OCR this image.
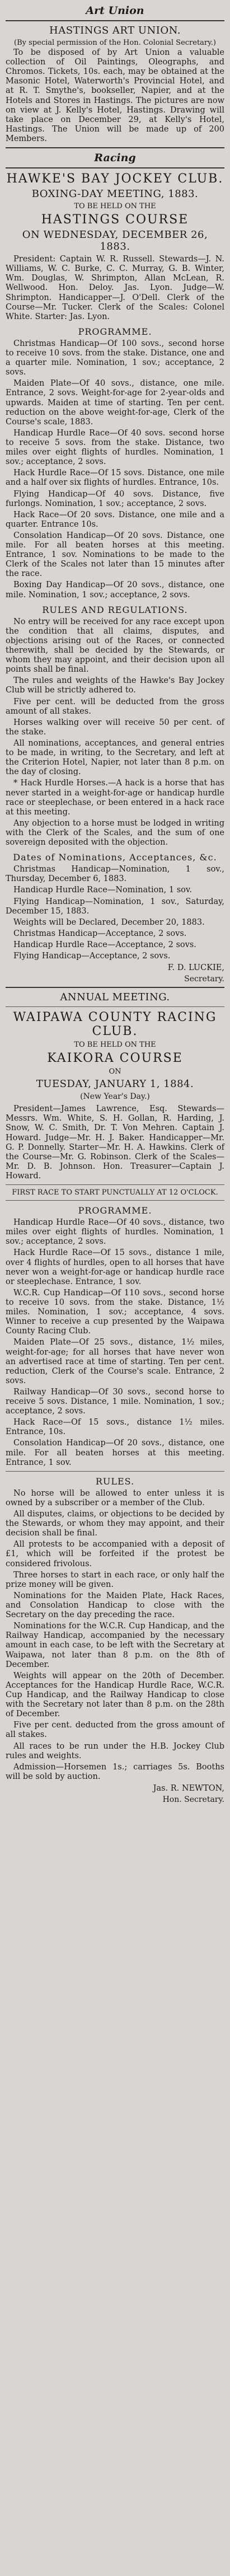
Art Union
HASTINGS ART UNION.
(By special permission of the Hon. Colonial Secretary.)

To be disposed of by Art Union a valuable collection of Oil Paintings, Oleographs, and Chromos. Tickets, 10s. each, may be obtained at the Masonic Hotel, Waterworth's Provincial Hotel, and at R. T. Smythe's, bookseller, Napier, and at the Hotels and Stores in Hastings. The pictures are now on view at J. Kelly's Hotel, Hastings. Drawing will take place on December 29, at Kelly's Hotel, Hastings. The Union will be made up of 200 Members.

Racing
HAWKE'S BAY JOCKEY CLUB.
BOXING-DAY MEETING, 1883.
TO BE HELD ON THE
HASTINGS COURSE
ON WEDNESDAY, DECEMBER 26, 1883.

President: Captain W. R. Russell. Stewards—J. N. Williams, W. C. Burke, C. C. Murray, G. B. Winter, Wm. Douglas, W. Shrimpton, Allan McLean, R. Wellwood. Hon. Deloy. Jas. Lyon. Judge—W. Shrimpton. Handicapper—J. O'Dell. Clerk of the Course—Mr. Tucker. Clerk of the Scales: Colonel White. Starter: Jas. Lyon.

PROGRAMME.

Christmas Handicap—Of 100 sovs., second horse to receive 10 sovs. from the stake. Distance, one and a quarter mile. Nomination, 1 sov.; acceptance, 2 sovs.

Maiden Plate—Of 40 sovs., distance, one mile. Entrance, 2 sovs. Weight-for-age for 2-year-olds and upwards. Maiden at time of starting. Ten per cent. reduction on the above weight-for-age, Clerk of the Course's scale, 1883.

Handicap Hurdle Race—Of 40 sovs. second horse to receive 5 sovs. from the stake. Distance, two miles over eight flights of hurdles. Nomination, 1 sov.; acceptance, 2 sovs.

Hack Hurdle Race—Of 15 sovs. Distance, one mile and a half over six flights of hurdles. Entrance, 10s.

Flying Handicap—Of 40 sovs. Distance, five furlongs. Nomination, 1 sov.; acceptance, 2 sovs.

Hack Race—Of 20 sovs. Distance, one mile and a quarter. Entrance 10s.

Consolation Handicap—Of 20 sovs. Distance, one mile. For all beaten horses at this meeting. Entrance, 1 sov. Nominations to be made to the Clerk of the Scales not later than 15 minutes after the race.

Boxing Day Handicap—Of 20 sovs., distance, one mile. Nomination, 1 sov.; acceptance, 2 sovs.

RULES AND REGULATIONS.

No entry will be received for any race except upon the condition that all claims, disputes, and objections arising out of the Races, or connected therewith, shall be decided by the Stewards, or whom they may appoint, and their decision upon all points shall be final.

The rules and weights of the Hawke's Bay Jockey Club will be strictly adhered to.

Five per cent. will be deducted from the gross amount of all stakes.

Horses walking over will receive 50 per cent. of the stake.

All nominations, acceptances, and general entries to be made, in writing, to the Secretary, and left at the Criterion Hotel, Napier, not later than 8 p.m. on the day of closing.

* Hack Hurdle Horses.—A hack is a horse that has never started in a weight-for-age or handicap hurdle race or steeplechase, or been entered in a hack race at this meeting.

Any objection to a horse must be lodged in writing with the Clerk of the Scales, and the sum of one sovereign deposited with the objection.

Dates of Nominations, Acceptances, &c.

Christmas Handicap—Nomination, 1 sov., Thursday, December 6, 1883.

Handicap Hurdle Race—Nomination, 1 sov.

Flying Handicap—Nomination, 1 sov., Saturday, December 15, 1883.

Weights will be Declared, December 20, 1883.

Christmas Handicap—Acceptance, 2 sovs.

Handicap Hurdle Race—Acceptance, 2 sovs.

Flying Handicap—Acceptance, 2 sovs.

F. D. LUCKIE,
Secretary.
ANNUAL MEETING.
WAIPAWA COUNTY RACING CLUB.
TO BE HELD ON THE
KAIKORA COURSE
ON
TUESDAY, JANUARY 1, 1884.
(New Year's Day.)

President—James Lawrence, Esq. Stewards—Messrs. Wm. White, S. H. Gollan, R. Harding, J. Snow, W. C. Smith, Dr. T. Von Mehren. Captain J. Howard. Judge—Mr. H. J. Baker. Handicapper—Mr. G. P. Donnelly. Starter—Mr. H. A. Hawkins. Clerk of the Course—Mr. G. Robinson. Clerk of the Scales—Mr. D. B. Johnson. Hon. Treasurer—Captain J. Howard.

FIRST RACE TO START PUNCTUALLY AT 12 O'CLOCK.
PROGRAMME.

Handicap Hurdle Race—Of 40 sovs., distance, two miles over eight flights of hurdles. Nomination, 1 sov.; acceptance, 2 sovs.

Hack Hurdle Race—Of 15 sovs., distance 1 mile, over 4 flights of hurdles, open to all horses that have never won a weight-for-age or handicap hurdle race or steeplechase. Entrance, 1 sov.

W.C.R. Cup Handicap—Of 110 sovs., second horse to receive 10 sovs. from the stake. Distance, 1½ miles. Nomination, 1 sov.; acceptance, 4 sovs. Winner to receive a cup presented by the Waipawa County Racing Club.

Maiden Plate—Of 25 sovs., distance, 1½ miles, weight-for-age; for all horses that have never won an advertised race at time of starting. Ten per cent. reduction, Clerk of the Course's scale. Entrance, 2 sovs.

Railway Handicap—Of 30 sovs., second horse to receive 5 sovs. Distance, 1 mile. Nomination, 1 sov.; acceptance, 2 sovs.

Hack Race—Of 15 sovs., distance 1½ miles. Entrance, 10s.

Consolation Handicap—Of 20 sovs., distance, one mile. For all beaten horses at this meeting. Entrance, 1 sov.

RULES.

No horse will be allowed to enter unless it is owned by a subscriber or a member of the Club.

All disputes, claims, or objections to be decided by the Stewards, or whom they may appoint, and their decision shall be final.

All protests to be accompanied with a deposit of £1, which will be forfeited if the protest be considered frivolous.

Three horses to start in each race, or only half the prize money will be given.

Nominations for the Maiden Plate, Hack Races, and Consolation Handicap to close with the Secretary on the day preceding the race.

Nominations for the W.C.R. Cup Handicap, and the Railway Handicap, accompanied by the necessary amount in each case, to be left with the Secretary at Waipawa, not later than 8 p.m. on the 8th of December.

Weights will appear on the 20th of December. Acceptances for the Handicap Hurdle Race, W.C.R. Cup Handicap, and the Railway Handicap to close with the Secretary not later than 8 p.m. on the 28th of December.

Five per cent. deducted from the gross amount of all stakes.

All races to be run under the H.B. Jockey Club rules and weights.

Admission—Horsemen 1s.; carriages 5s. Booths will be sold by auction.

Jas. R. NEWTON,
Hon. Secretary.
